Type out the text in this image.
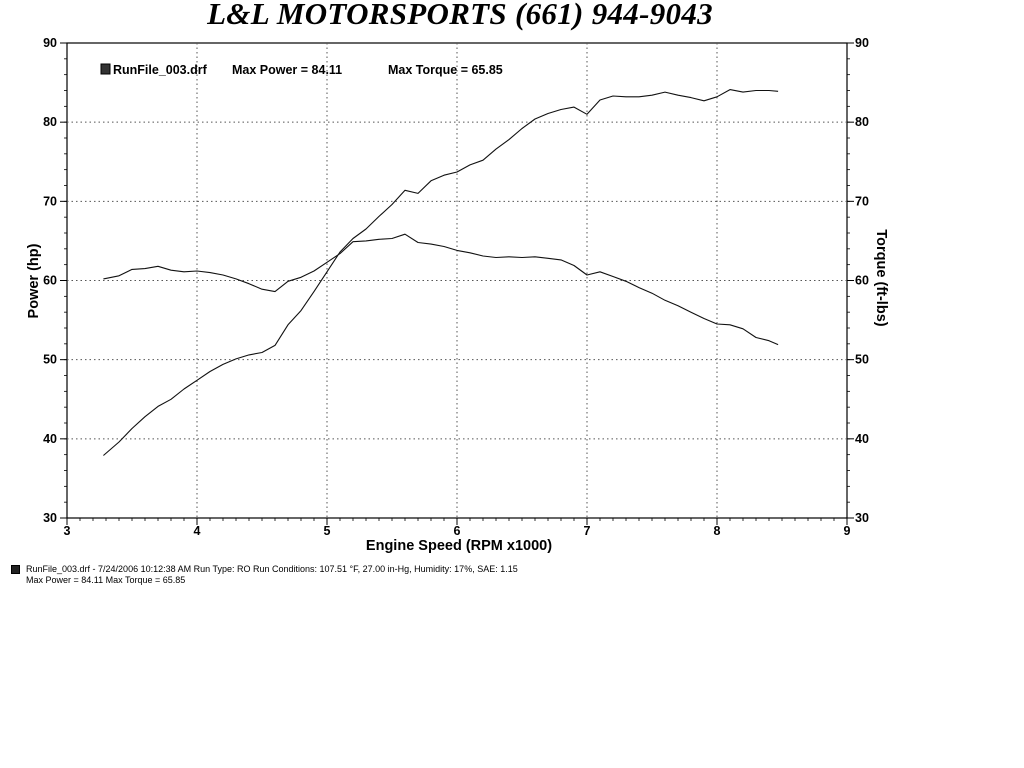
L&L MOTORSPORTS (661) 944-9043
3	4	5	6	7	8	9
30
40
50
60
70
80
90
30
40
50
60
70
80
90
RunFile_003.drf Max Power = 84.11	Max Torque = 65.85
Engine Speed (RPM x1000)
Power (hp)	Torque (ft-lbs)
RunFile_003.drf - 7/24/2006 10:12:38 AM Run Type: RO Run Conditions: 107.51 °F, 27.00 in-Hg, Humidity: 17%, SAE: 1.15
Max Power = 84.11 Max Torque = 65.85
